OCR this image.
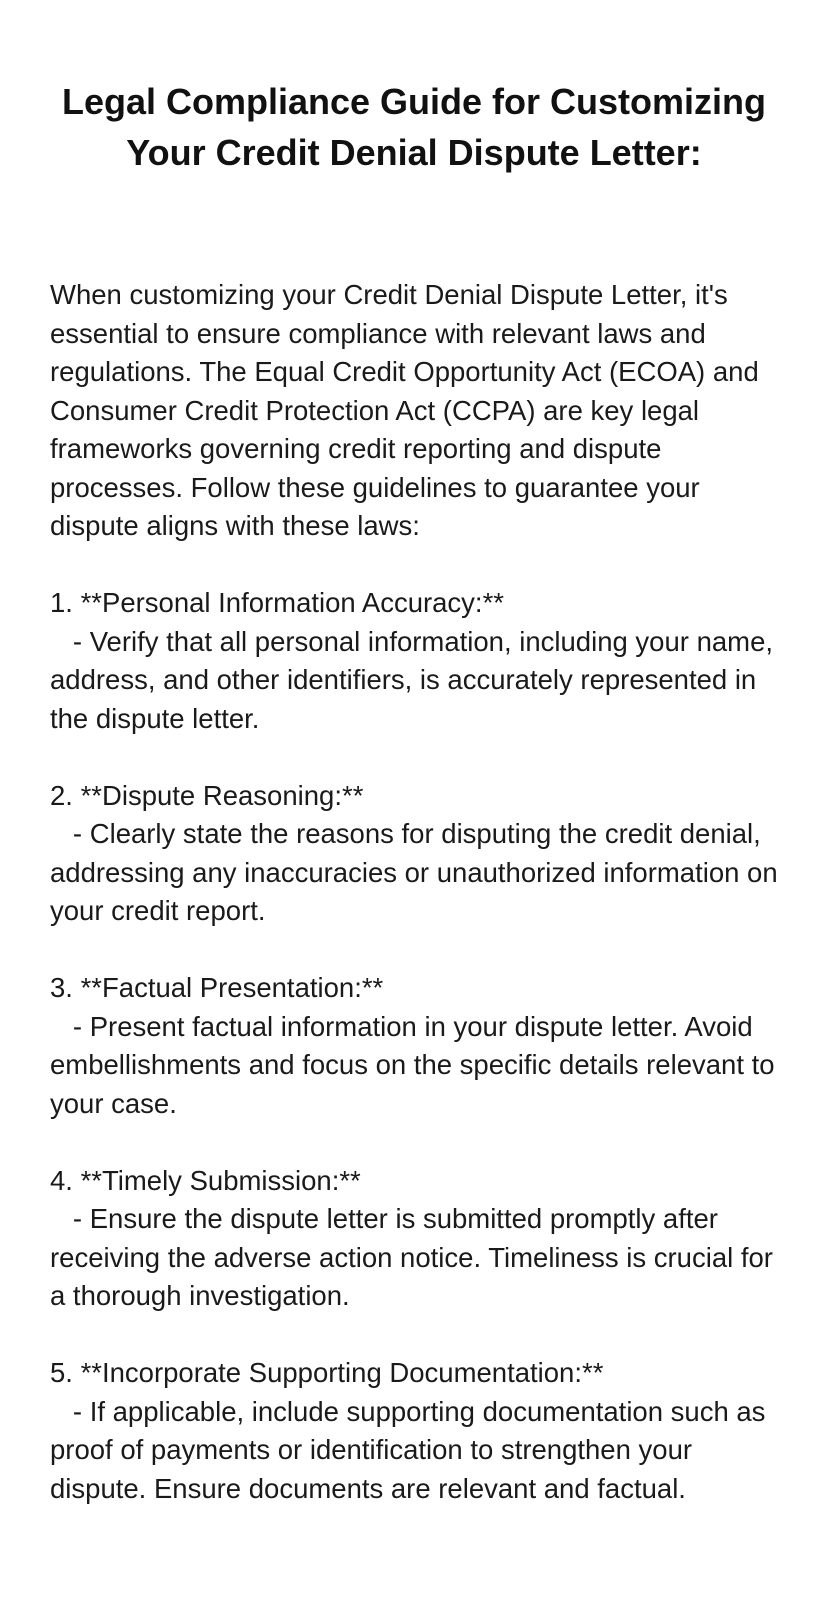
Legal Compliance Guide for Customizing Your Credit Denial Dispute Letter:

When customizing your Credit Denial Dispute Letter, it's essential to ensure compliance with relevant laws and regulations. The Equal Credit Opportunity Act (ECOA) and Consumer Credit Protection Act (CCPA) are key legal frameworks governing credit reporting and dispute processes. Follow these guidelines to guarantee your dispute aligns with these laws:

1. **Personal Information Accuracy:**
- Verify that all personal information, including your name, address, and other identifiers, is accurately represented in the dispute letter.
2. **Dispute Reasoning:**
- Clearly state the reasons for disputing the credit denial, addressing any inaccuracies or unauthorized information on your credit report.
3. **Factual Presentation:**
- Present factual information in your dispute letter. Avoid embellishments and focus on the specific details relevant to your case.
4. **Timely Submission:**
- Ensure the dispute letter is submitted promptly after receiving the adverse action notice. Timeliness is crucial for a thorough investigation.
5. **Incorporate Supporting Documentation:**
- If applicable, include supporting documentation such as proof of payments or identification to strengthen your dispute. Ensure documents are relevant and factual.
